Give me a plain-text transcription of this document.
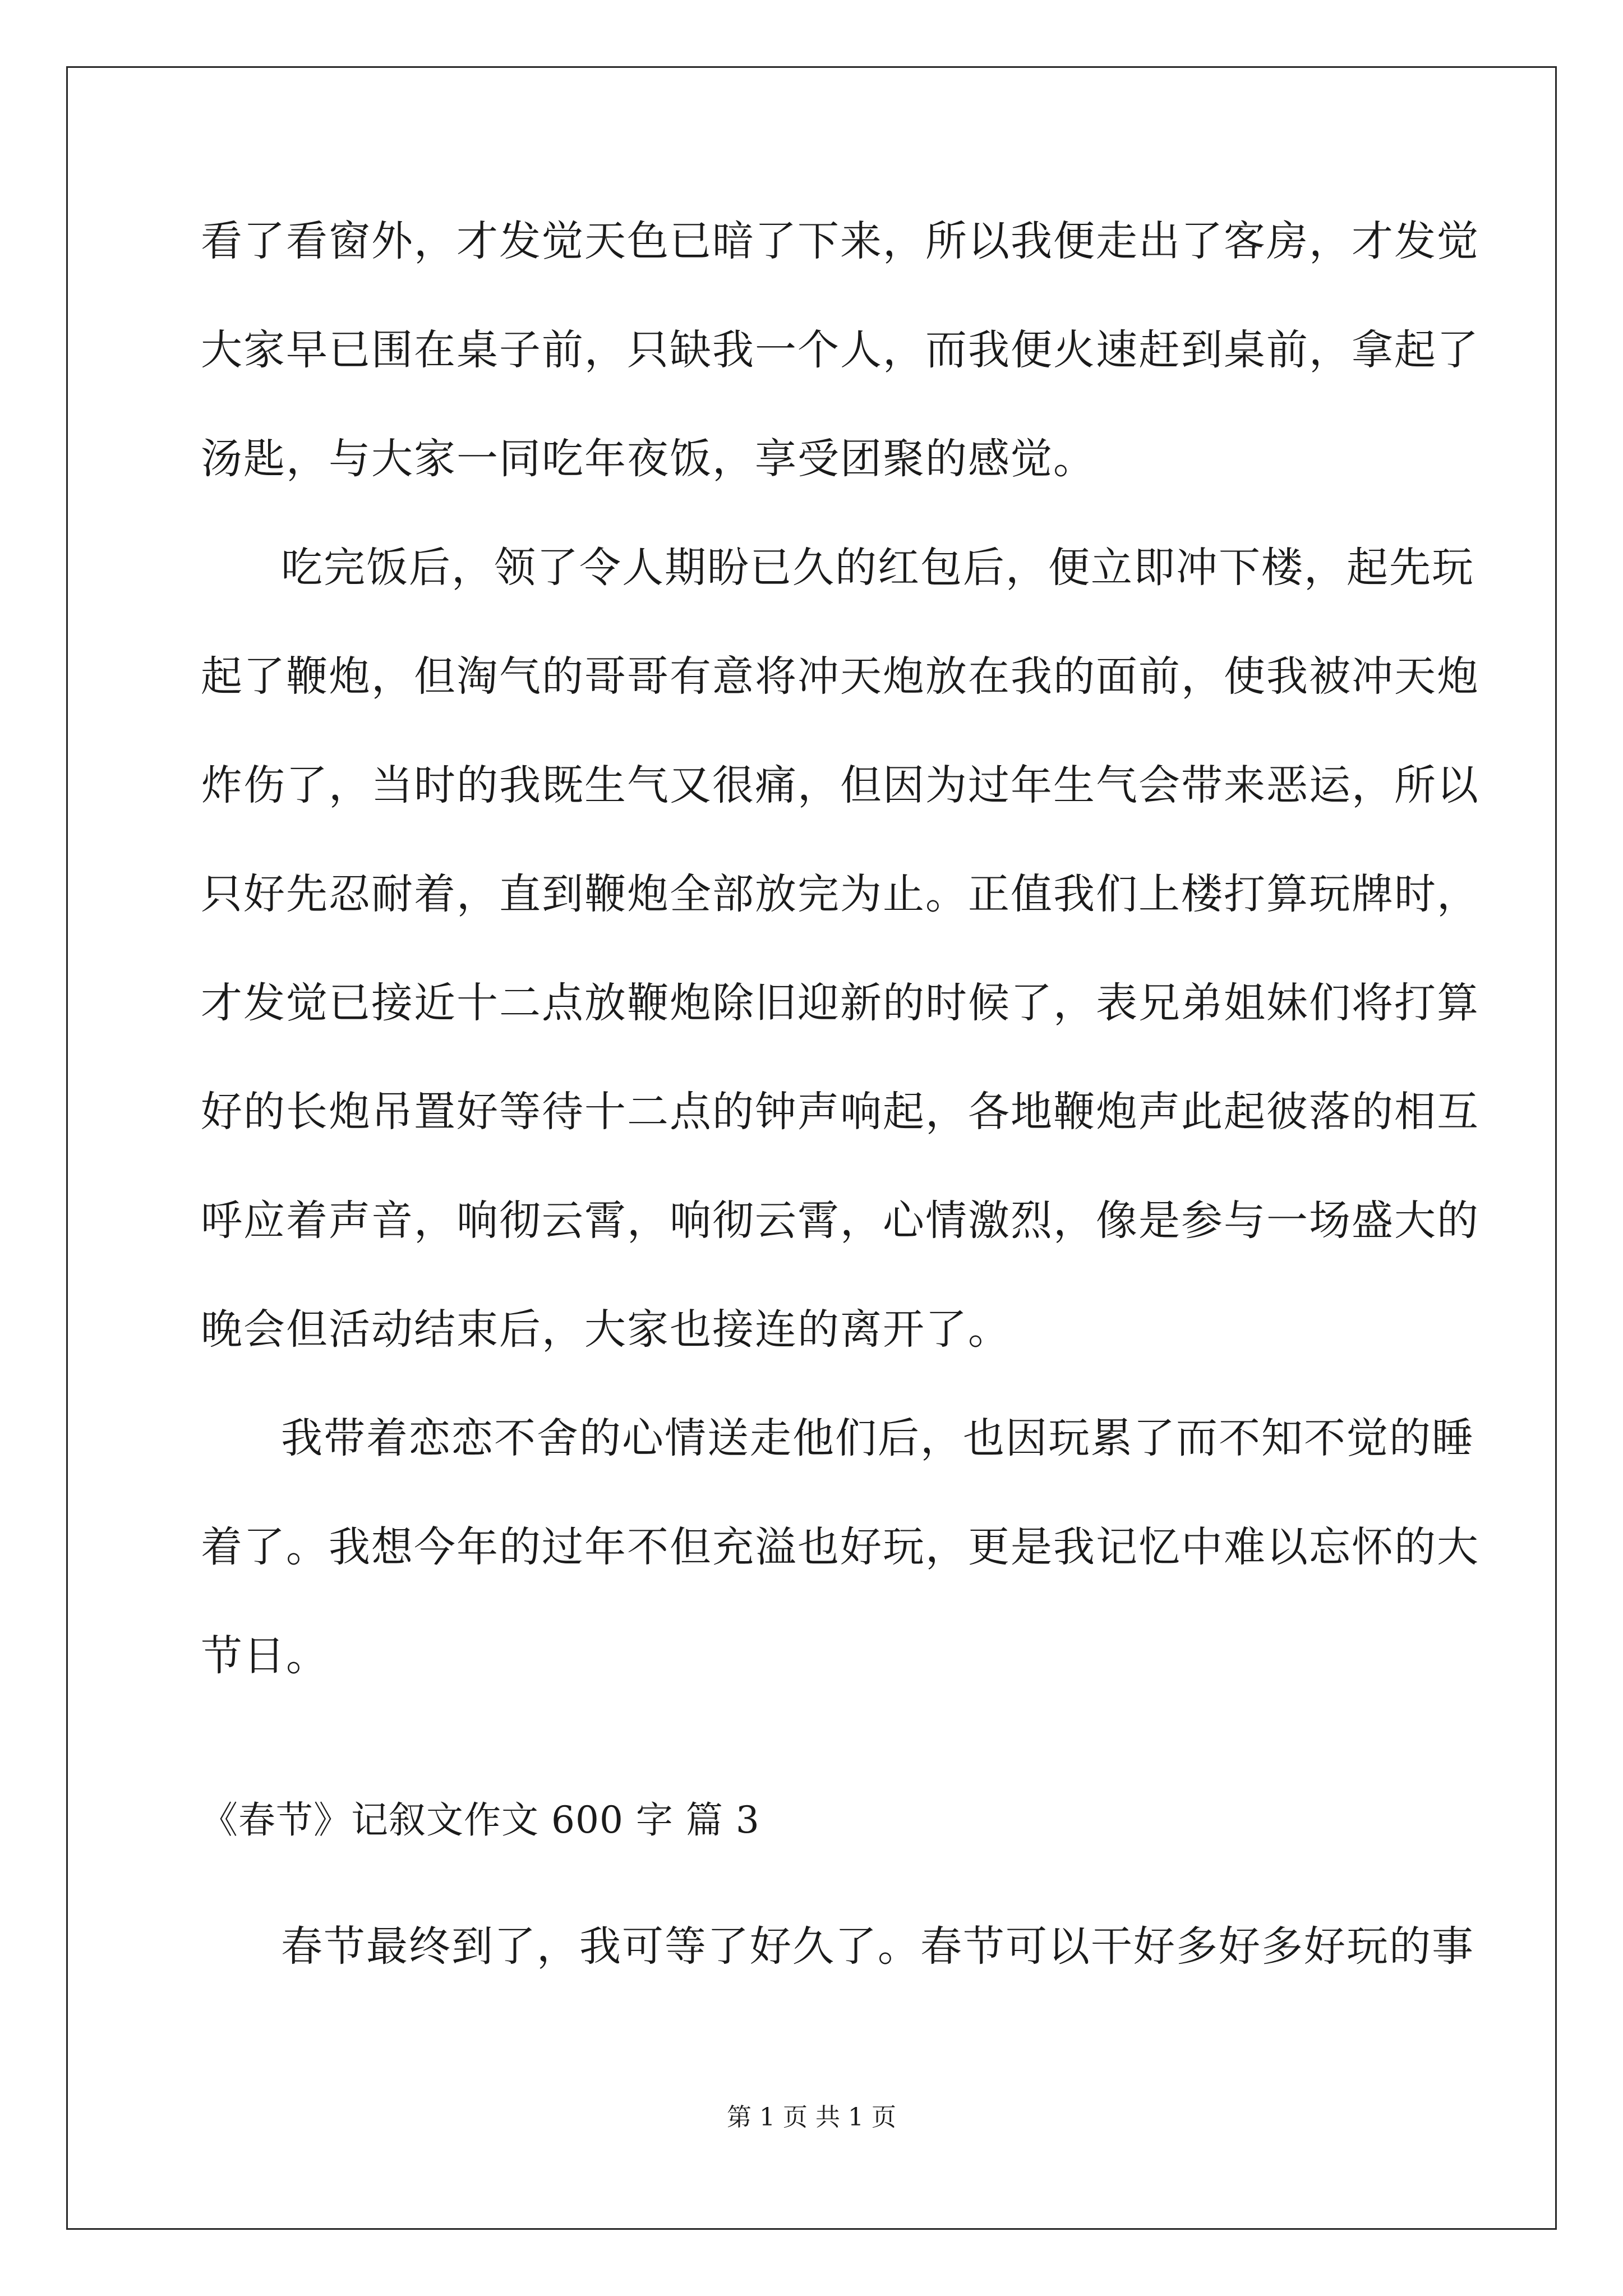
看了看窗外，才发觉天色已暗了下来，所以我便走出了客房，才发觉
大家早已围在桌子前，只缺我一个人，而我便火速赶到桌前，拿起了
汤匙，与大家一同吃年夜饭，享受团聚的感觉。
吃完饭后，领了令人期盼已久的红包后，便立即冲下楼，起先玩
起了鞭炮，但淘气的哥哥有意将冲天炮放在我的面前，使我被冲天炮
炸伤了，当时的我既生气又很痛，但因为过年生气会带来恶运，所以
只好先忍耐着，直到鞭炮全部放完为止。正值我们上楼打算玩牌时，
才发觉已接近十二点放鞭炮除旧迎新的时候了，表兄弟姐妹们将打算
好的长炮吊置好等待十二点的钟声响起，各地鞭炮声此起彼落的相互
呼应着声音，响彻云霄，响彻云霄，心情激烈，像是参与一场盛大的
晚会但活动结束后，大家也接连的离开了。
我带着恋恋不舍的心情送走他们后，也因玩累了而不知不觉的睡
着了。我想今年的过年不但充溢也好玩，更是我记忆中难以忘怀的大
节日。
《春节》记叙文作文 600 字 篇 3
春节最终到了，我可等了好久了。春节可以干好多好多好玩的事
第 1 页 共 1 页
